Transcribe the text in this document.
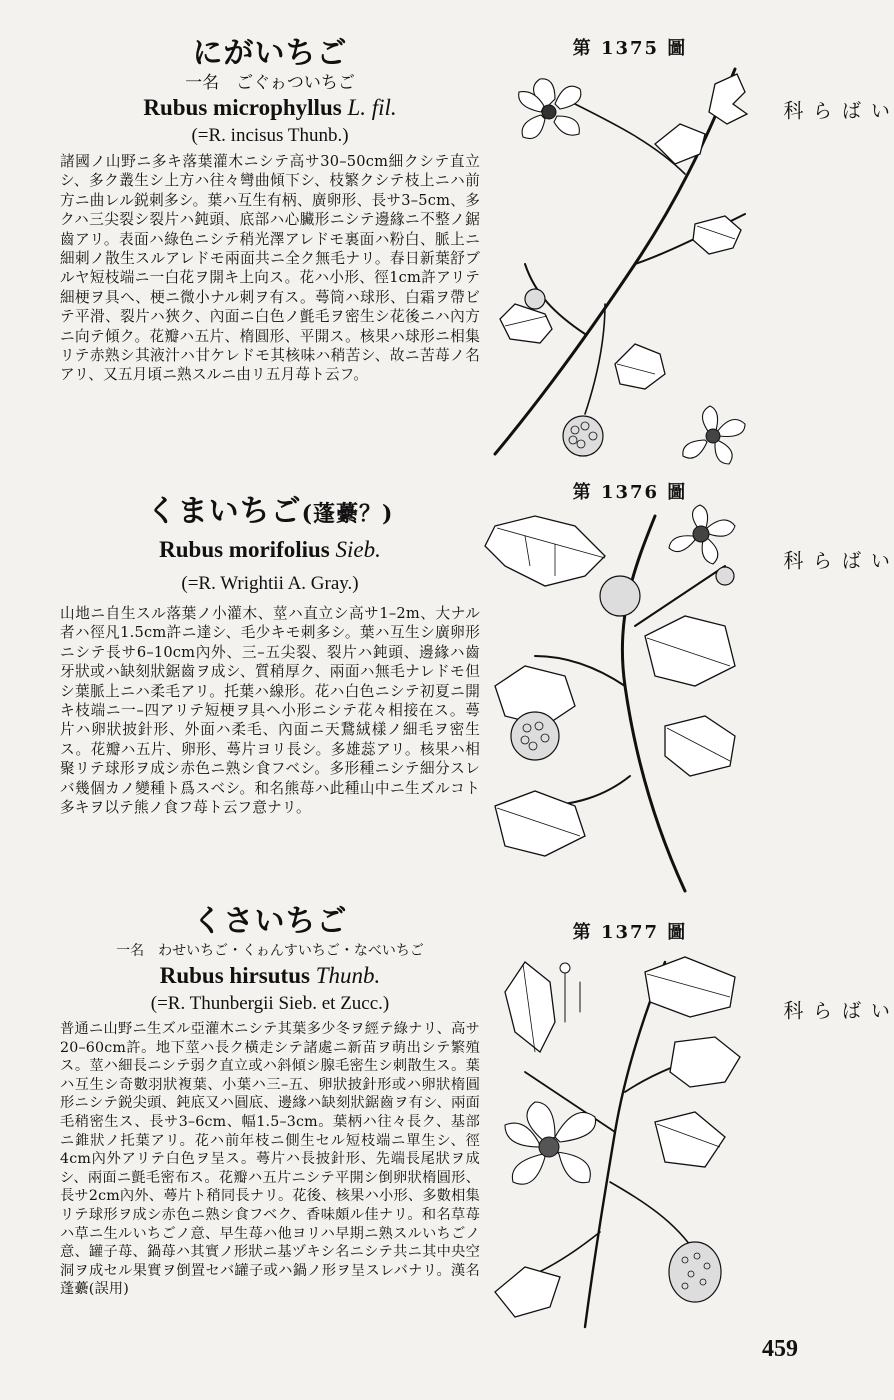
にがいちご

一名　ごぐゎついちご

Rubus microphyllus L. fil.

(=R. incisus Thunb.)

諸國ノ山野ニ多キ落葉灌木ニシテ高サ30–50cm細クシテ直立シ、多ク叢生シ上方ハ往々彎曲傾下シ、枝繁クシテ枝上ニハ前方ニ曲レル鋭刺多シ。葉ハ互生有柄、廣卵形、長サ3–5cm、多クハ三尖裂シ裂片ハ鈍頭、底部ハ心臟形ニシテ邊緣ニ不整ノ鋸齒アリ。表面ハ綠色ニシテ稍光澤アレドモ裏面ハ粉白、脈上ニ細刺ノ散生スルアレドモ兩面共ニ全ク無毛ナリ。春日新葉舒ブルヤ短枝端ニ一白花ヲ開キ上向ス。花ハ小形、徑1cm許アリテ細梗ヲ具ヘ、梗ニ微小ナル刺ヲ有ス。蕚筒ハ球形、白霜ヲ帶ビテ平滑、裂片ハ狹ク、內面ニ白色ノ氈毛ヲ密生シ花後ニハ內方ニ向テ傾ク。花瓣ハ五片、楕圓形、平開ス。核果ハ球形ニ相集リテ赤熟シ其液汁ハ甘ケレドモ其核味ハ稍苦シ、故ニ苦苺ノ名アリ、又五月頃ニ熟スルニ由リ五月苺ト云フ。

第 1375 圖
いばら科
くまいちご(蓬虆？)

Rubus morifolius Sieb.

(=R. Wrightii A. Gray.)

山地ニ自生スル落葉ノ小灌木、莖ハ直立シ高サ1–2m、大ナル者ハ徑凡1.5cm許ニ達シ、毛少キモ刺多シ。葉ハ互生シ廣卵形ニシテ長サ6–10cm內外、三–五尖裂、裂片ハ鈍頭、邊緣ハ齒牙狀或ハ缺刻狀鋸齒ヲ成シ、質稍厚ク、兩面ハ無毛ナレドモ但シ葉脈上ニハ柔毛アリ。托葉ハ線形。花ハ白色ニシテ初夏ニ開キ枝端ニ一–四アリテ短梗ヲ具ヘ小形ニシテ花々相接在ス。蕚片ハ卵狀披針形、外面ハ柔毛、內面ニ天鵞絨樣ノ細毛ヲ密生ス。花瓣ハ五片、卵形、蕚片ヨリ長シ。多雄蕊アリ。核果ハ相聚リテ球形ヲ成シ赤色ニ熟シ食フベシ。多形種ニシテ細分スレバ幾個カノ變種ト爲スベシ。和名熊苺ハ此種山中ニ生ズルコト多キヲ以テ熊ノ食フ苺ト云フ意ナリ。

第 1376 圖
いばら科
くさいちご

一名　わせいちご・くゎんすいちご・なべいちご

Rubus hirsutus Thunb.

(=R. Thunbergii Sieb. et Zucc.)

普通ニ山野ニ生ズル亞灌木ニシテ其葉多少冬ヲ經テ綠ナリ、高サ20–60cm許。地下莖ハ長ク橫走シテ諸處ニ新苗ヲ萌出シテ繁殖ス。莖ハ細長ニシテ弱ク直立或ハ斜傾シ腺毛密生シ刺散生ス。葉ハ互生シ奇數羽狀複葉、小葉ハ三–五、卵狀披針形或ハ卵狀楕圓形ニシテ鋭尖頭、鈍底又ハ圓底、邊緣ハ缺刻狀鋸齒ヲ有シ、兩面毛稍密生ス、長サ3–6cm、幅1.5–3cm。葉柄ハ往々長ク、基部ニ錐狀ノ托葉アリ。花ハ前年枝ニ側生セル短枝端ニ單生シ、徑4cm內外アリテ白色ヲ呈ス。蕚片ハ長披針形、先端長尾狀ヲ成シ、兩面ニ氈毛密布ス。花瓣ハ五片ニシテ平開シ倒卵狀楕圓形、長サ2cm內外、蕚片ト稍同長ナリ。花後、核果ハ小形、多數相集リテ球形ヲ成シ赤色ニ熟シ食フベク、香味頗ル佳ナリ。和名草苺ハ草ニ生ルいちごノ意、早生苺ハ他ヨリハ早期ニ熟スルいちごノ意、罐子苺、鍋苺ハ其實ノ形狀ニ基ヅキシ名ニシテ共ニ其中央空洞ヲ成セル果實ヲ倒置セバ罐子或ハ鍋ノ形ヲ呈スレバナリ。漢名　蓬虆(誤用)

第 1377 圖
いばら科
459
